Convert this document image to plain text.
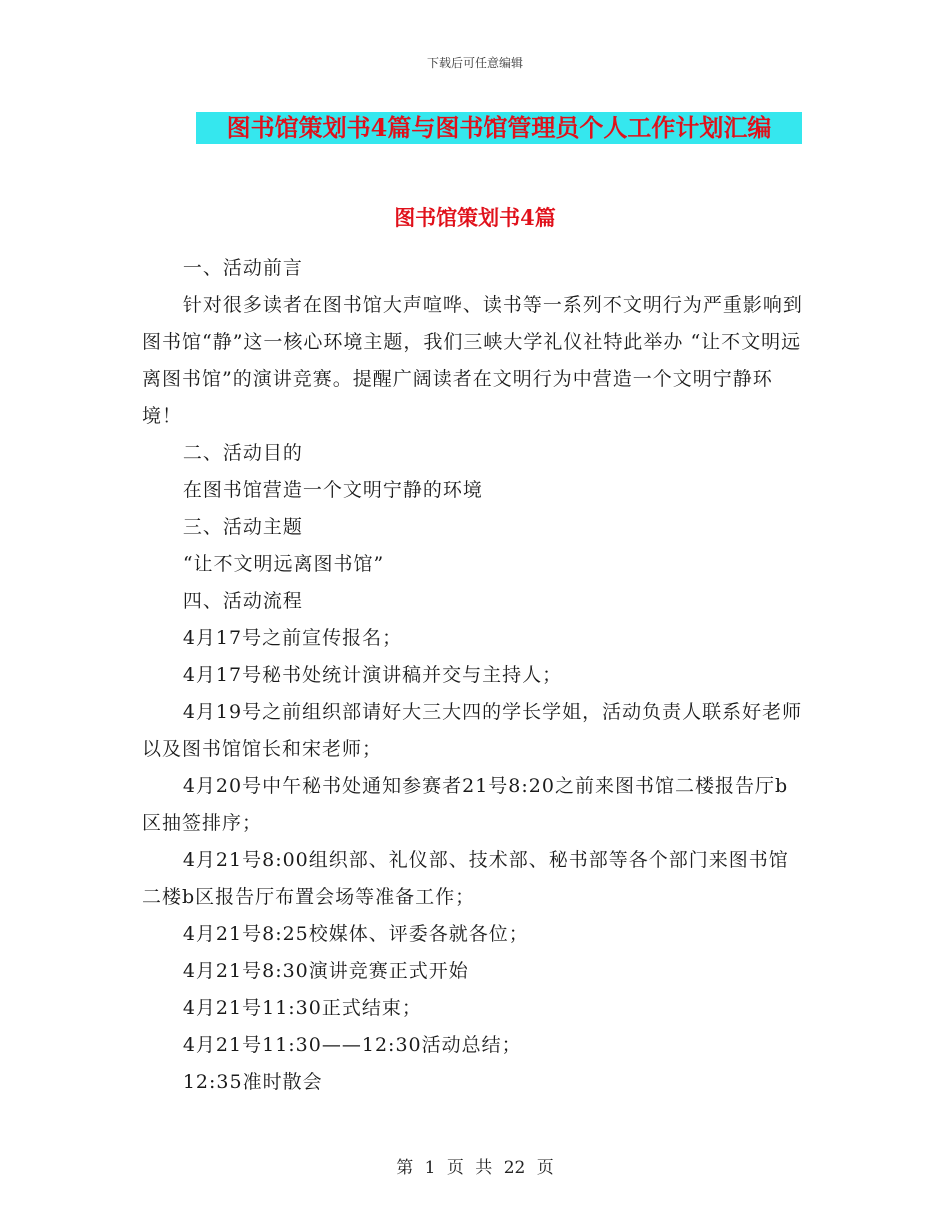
下载后可任意编辑
图书馆策划书4篇与图书馆管理员个人工作计划汇编
图书馆策划书4篇

一、活动前言

针对很多读者在图书馆大声喧哗、读书等一系列不文明行为严重影响到图书馆“静”这一核心环境主题，我们三峡大学礼仪社特此举办 “让不文明远离图书馆”的演讲竞赛。提醒广阔读者在文明行为中营造一个文明宁静环境！

二、活动目的

在图书馆营造一个文明宁静的环境

三、活动主题

“让不文明远离图书馆”

四、活动流程

4月17号之前宣传报名；

4月17号秘书处统计演讲稿并交与主持人；

4月19号之前组织部请好大三大四的学长学姐，活动负责人联系好老师以及图书馆馆长和宋老师；

4月20号中午秘书处通知参赛者21号8:20之前来图书馆二楼报告厅b区抽签排序；

4月21号8:00组织部、礼仪部、技术部、秘书部等各个部门来图书馆二楼b区报告厅布置会场等准备工作；

4月21号8:25校媒体、评委各就各位；

4月21号8:30演讲竞赛正式开始

4月21号11:30正式结束；

4月21号11:30——12:30活动总结；

12:35准时散会

第 1 页 共 22 页
